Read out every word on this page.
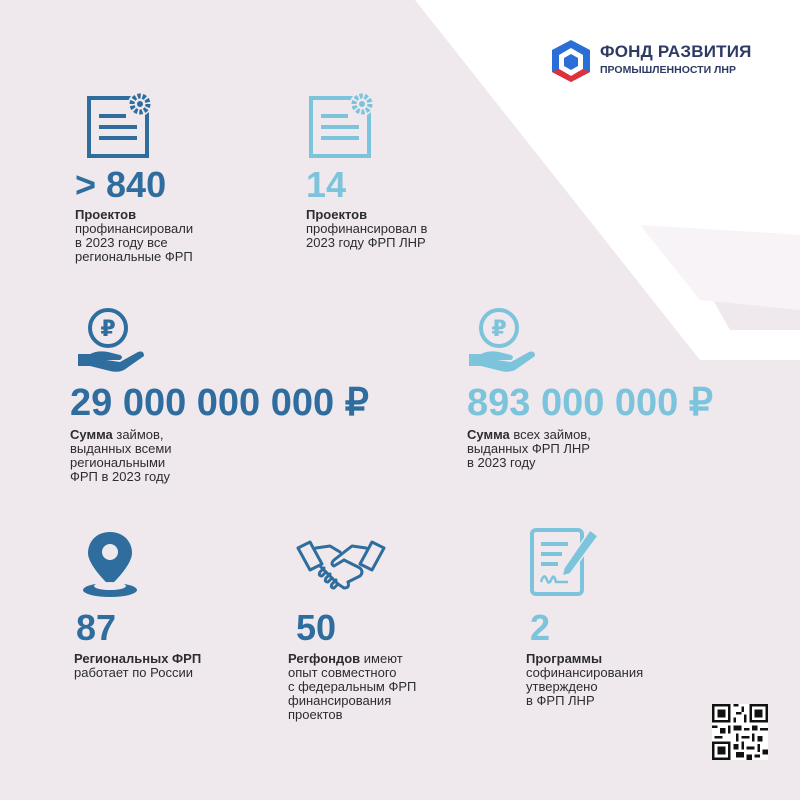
ФОНД РАЗВИТИЯ
ПРОМЫШЛЕННОСТИ ЛНР
> 840
Проектов
профинансировали
в 2023 году все
региональные ФРП
14
Проектов
профинансировал в
2023 году ФРП ЛНР
₽
29 000 000 000 ₽
Сумма займов,
выданных всеми
региональными
ФРП в 2023 году
₽
893 000 000 ₽
Сумма всех займов,
выданных ФРП ЛНР
в 2023 году
87
Региональных ФРП
работает по России
50
Регфондов имеют
опыт совместного
с федеральным ФРП
финансирования
проектов
2
Программы
софинансирования
утверждено
в ФРП ЛНР
